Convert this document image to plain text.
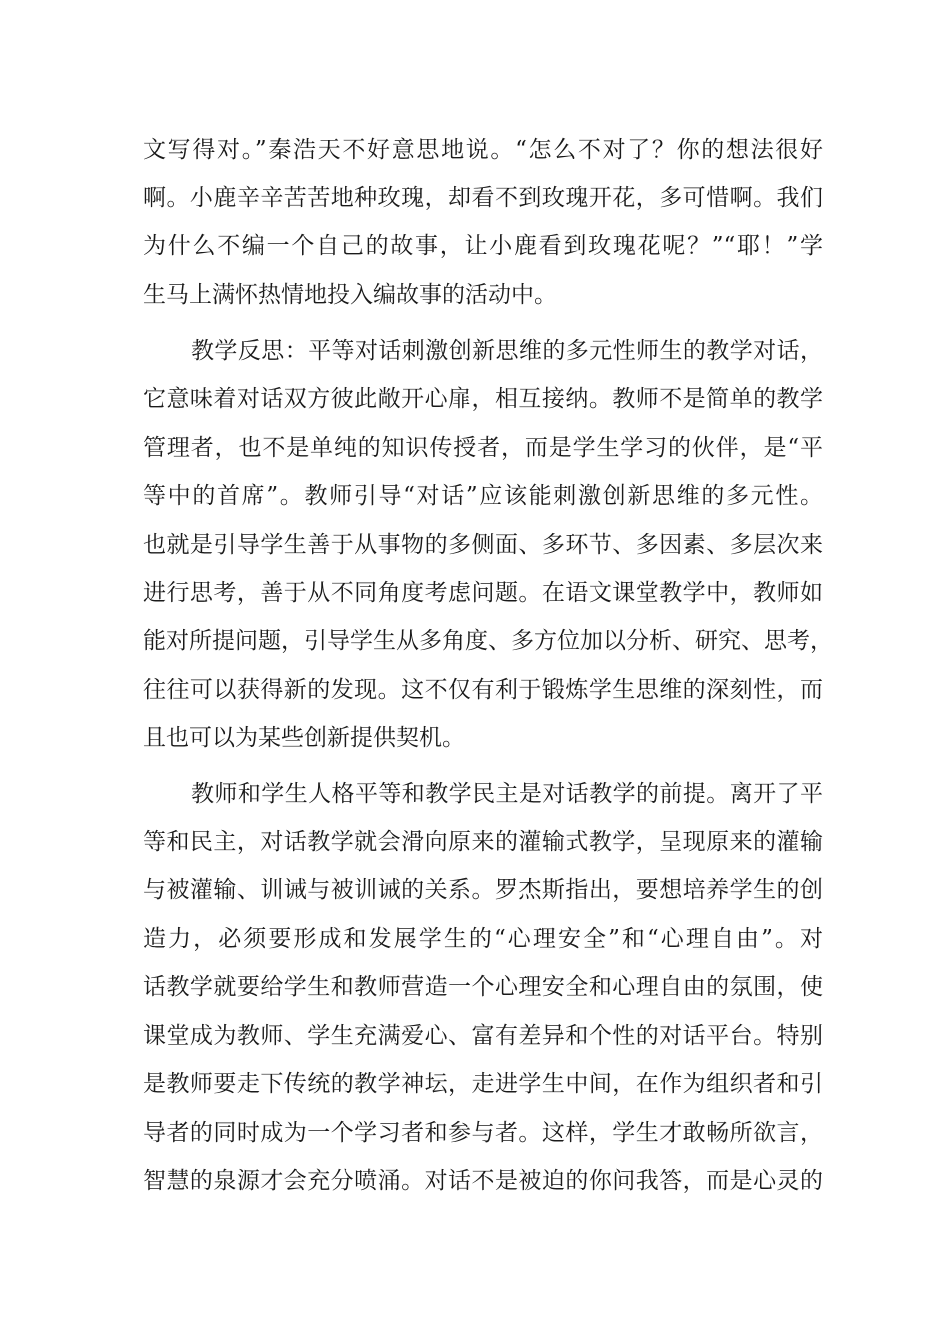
文写得对。”秦浩天不好意思地说。“怎么不对了？你的想法很好
啊。小鹿辛辛苦苦地种玫瑰，却看不到玫瑰开花，多可惜啊。我们
为什么不编一个自己的故事，让小鹿看到玫瑰花呢？”“耶！”学
生马上满怀热情地投入编故事的活动中。
教学反思：平等对话刺激创新思维的多元性师生的教学对话，
它意味着对话双方彼此敞开心扉，相互接纳。教师不是简单的教学
管理者，也不是单纯的知识传授者，而是学生学习的伙伴，是“平
等中的首席”。教师引导“对话”应该能刺激创新思维的多元性。
也就是引导学生善于从事物的多侧面、多环节、多因素、多层次来
进行思考，善于从不同角度考虑问题。在语文课堂教学中，教师如
能对所提问题，引导学生从多角度、多方位加以分析、研究、思考，
往往可以获得新的发现。这不仅有利于锻炼学生思维的深刻性，而
且也可以为某些创新提供契机。
教师和学生人格平等和教学民主是对话教学的前提。离开了平
等和民主，对话教学就会滑向原来的灌输式教学，呈现原来的灌输
与被灌输、训诫与被训诫的关系。罗杰斯指出，要想培养学生的创
造力，必须要形成和发展学生的“心理安全”和“心理自由”。对
话教学就要给学生和教师营造一个心理安全和心理自由的氛围，使
课堂成为教师、学生充满爱心、富有差异和个性的对话平台。特别
是教师要走下传统的教学神坛，走进学生中间，在作为组织者和引
导者的同时成为一个学习者和参与者。这样，学生才敢畅所欲言，
智慧的泉源才会充分喷涌。对话不是被迫的你问我答，而是心灵的
